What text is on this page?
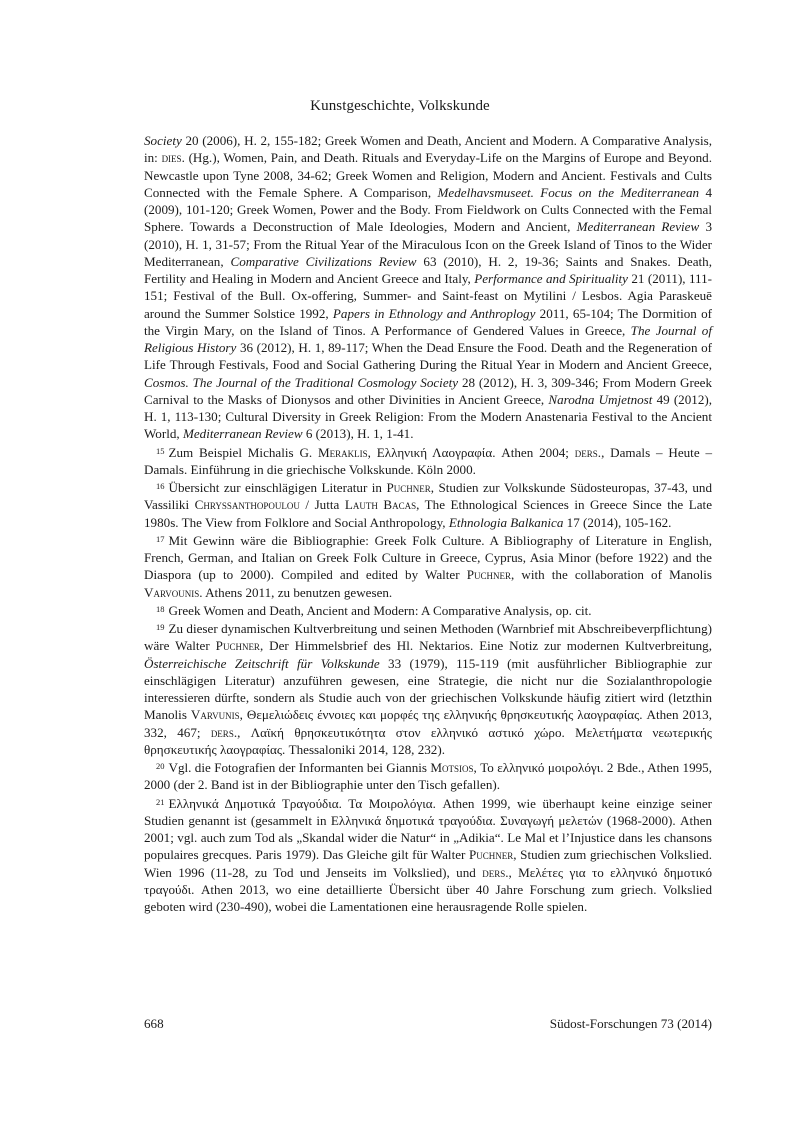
Kunstgeschichte, Volkskunde

Society 20 (2006), H. 2, 155-182; Greek Women and Death, Ancient and Modern. A Comparative Analysis, in: dies. (Hg.), Women, Pain, and Death. Rituals and Everyday-Life on the Margins of Europe and Beyond. Newcastle upon Tyne 2008, 34-62; Greek Women and Religion, Modern and Ancient. Festivals and Cults Connected with the Female Sphere. A Comparison, Medelhavsmuseet. Focus on the Mediterranean 4 (2009), 101-120; Greek Women, Power and the Body. From Fieldwork on Cults Connected with the Femal Sphere. Towards a Deconstruction of Male Ideologies, Modern and Ancient, Mediterranean Review 3 (2010), H. 1, 31-57; From the Ritual Year of the Miraculous Icon on the Greek Island of Tinos to the Wider Mediterranean, Comparative Civilizations Review 63 (2010), H. 2, 19-36; Saints and Snakes. Death, Fertility and Healing in Modern and Ancient Greece and Italy, Performance and Spirituality 21 (2011), 111-151; Festival of the Bull. Ox-offering, Summer- and Saint-feast on Mytilini / Lesbos. Agia Paraskeuē around the Summer Solstice 1992, Papers in Ethnology and Anthroplogy 2011, 65-104; The Dormition of the Virgin Mary, on the Island of Tinos. A Performance of Gendered Values in Greece, The Journal of Religious History 36 (2012), H. 1, 89-117; When the Dead Ensure the Food. Death and the Regeneration of Life Through Festivals, Food and Social Gathering During the Ritual Year in Modern and Ancient Greece, Cosmos. The Journal of the Traditional Cosmology Society 28 (2012), H. 3, 309-346; From Modern Greek Carnival to the Masks of Dionysos and other Divinities in Ancient Greece, Narodna Umjetnost 49 (2012), H. 1, 113-130; Cultural Diversity in Greek Religion: From the Modern Anastenaria Festival to the Ancient World, Mediterranean Review 6 (2013), H. 1, 1-41.

$^{15}$ Zum Beispiel Michalis G. Meraklis, Ελληνική Λαογραφία. Athen 2004; ders., Damals – Heute – Damals. Einführung in die griechische Volkskunde. Köln 2000.

$^{16}$ Übersicht zur einschlägigen Literatur in Puchner, Studien zur Volkskunde Südosteuropas, 37-43, und Vassiliki Chryssanthopoulou / Jutta Lauth Bacas, The Ethnological Sciences in Greece Since the Late 1980s. The View from Folklore and Social Anthropology, Ethnologia Balkanica 17 (2014), 105-162.

$^{17}$ Mit Gewinn wäre die Bibliographie: Greek Folk Culture. A Bibliography of Literature in English, French, German, and Italian on Greek Folk Culture in Greece, Cyprus, Asia Minor (before 1922) and the Diaspora (up to 2000). Compiled and edited by Walter Puchner, with the collaboration of Manolis Varvounis. Athens 2011, zu benutzen gewesen.

$^{18}$ Greek Women and Death, Ancient and Modern: A Comparative Analysis, op. cit.

$^{19}$ Zu dieser dynamischen Kultverbreitung und seinen Methoden (Warnbrief mit Abschreibeverpflichtung) wäre Walter Puchner, Der Himmelsbrief des Hl. Nektarios. Eine Notiz zur modernen Kultverbreitung, Österreichische Zeitschrift für Volkskunde 33 (1979), 115-119 (mit ausführlicher Bibliographie zur einschlägigen Literatur) anzuführen gewesen, eine Strategie, die nicht nur die Sozialanthropologie interessieren dürfte, sondern als Studie auch von der griechischen Volkskunde häufig zitiert wird (letzthin Manolis Varvunis, Θεμελιώδεις έννοιες και μορφές της ελληνικής θρησκευτικής λαογραφίας. Athen 2013, 332, 467; ders., Λαϊκή θρησκευτικότητα στον ελληνικό αστικό χώρο. Μελετήματα νεωτερικής θρησκευτικής λαογραφίας. Thessaloniki 2014, 128, 232).

$^{20}$ Vgl. die Fotografien der Informanten bei Giannis Motsios, Το ελληνικό μοιρολόγι. 2 Bde., Athen 1995, 2000 (der 2. Band ist in der Bibliographie unter den Tisch gefallen).

$^{21}$ Ελληνικά Δημοτικά Τραγούδια. Τα Μοιρολόγια. Athen 1999, wie überhaupt keine einzige seiner Studien genannt ist (gesammelt in Ελληνικά δημοτικά τραγούδια. Συναγωγή μελετών (1968-2000). Athen 2001; vgl. auch zum Tod als „Skandal wider die Natur“ in „Adikia“. Le Mal et l’Injustice dans les chansons populaires grecques. Paris 1979). Das Gleiche gilt für Walter Puchner, Studien zum griechischen Volkslied. Wien 1996 (11-28, zu Tod und Jenseits im Volkslied), und ders., Μελέτες για το ελληνικό δημοτικό τραγούδι. Athen 2013, wo eine detaillierte Übersicht über 40 Jahre Forschung zum griech. Volkslied geboten wird (230-490), wobei die Lamentationen eine herausragende Rolle spielen.

668	Südost-Forschungen 73 (2014)
